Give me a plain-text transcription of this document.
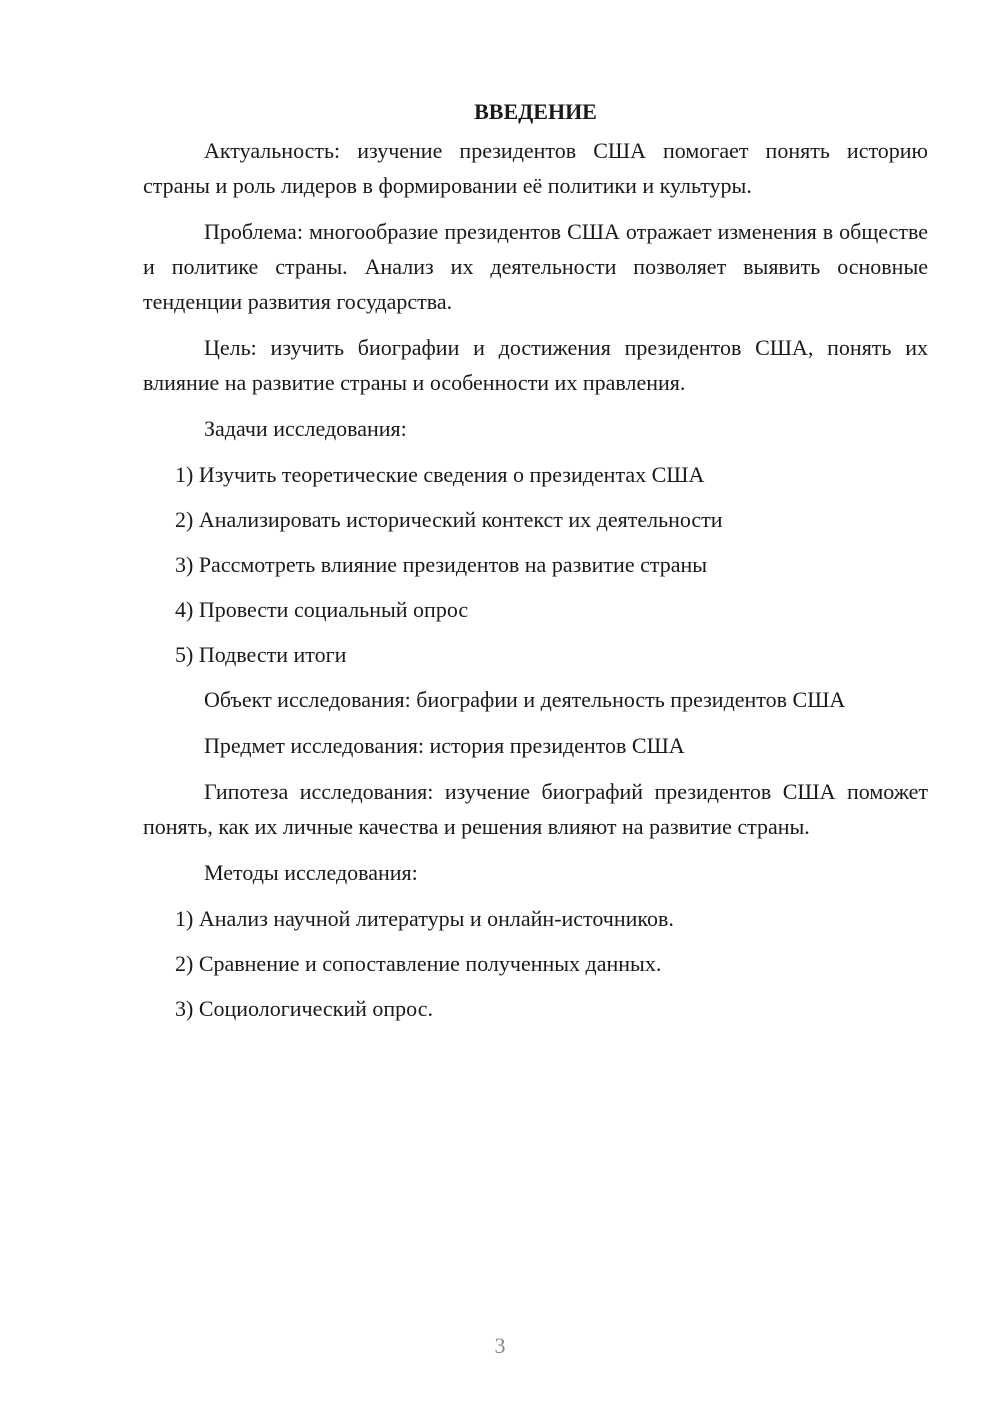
ВВЕДЕНИЕ

Актуальность: изучение президентов США помогает понять историю страны и роль лидеров в формировании её политики и культуры.

Проблема: многообразие президентов США отражает изменения в обществе и политике страны. Анализ их деятельности позволяет выявить основные тенденции развития государства.

Цель: изучить биографии и достижения президентов США, понять их влияние на развитие страны и особенности их правления.

Задачи исследования:

1) Изучить теоретические сведения о президентах США

2) Анализировать исторический контекст их деятельности

3) Рассмотреть влияние президентов на развитие страны

4) Провести социальный опрос

5) Подвести итоги

Объект исследования: биографии и деятельность президентов США

Предмет исследования: история президентов США

Гипотеза исследования: изучение биографий президентов США поможет понять, как их личные качества и решения влияют на развитие страны.

Методы исследования:

1) Анализ научной литературы и онлайн-источников.

2) Сравнение и сопоставление полученных данных.

3) Социологический опрос.

3
